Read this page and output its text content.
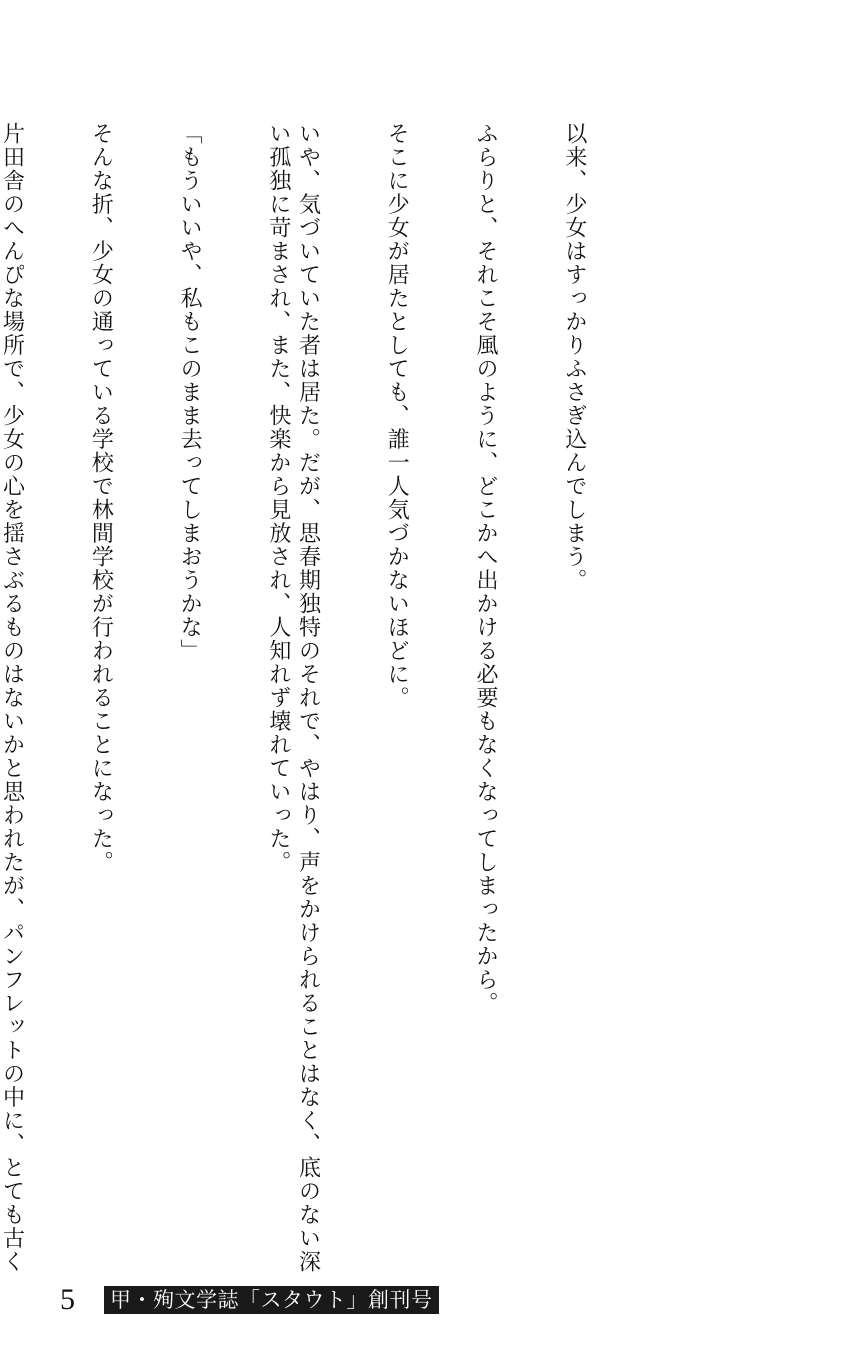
以来、少女はすっかりふさぎ込んでしまう。

ふらりと、それこそ風のように、どこかへ出かける必要もなくなってしまったから。

そこに少女が居たとしても、誰一人気づかないほどに。

いや、気づいていた者は居た。だが、思春期独特のそれで、やはり、声をかけられることはなく、底のない深い孤独に苛まされ、また、快楽から見放され、人知れず壊れていった。

「もういいや、私もこのまま去ってしまおうかな」

そんな折、少女の通っている学校で林間学校が行われることになった。

片田舎のへんぴな場所で、少女の心を揺さぶるものはないかと思われたが、パンフレットの中に、とても古く

5	甲・殉文学誌「スタウト」創刊号
